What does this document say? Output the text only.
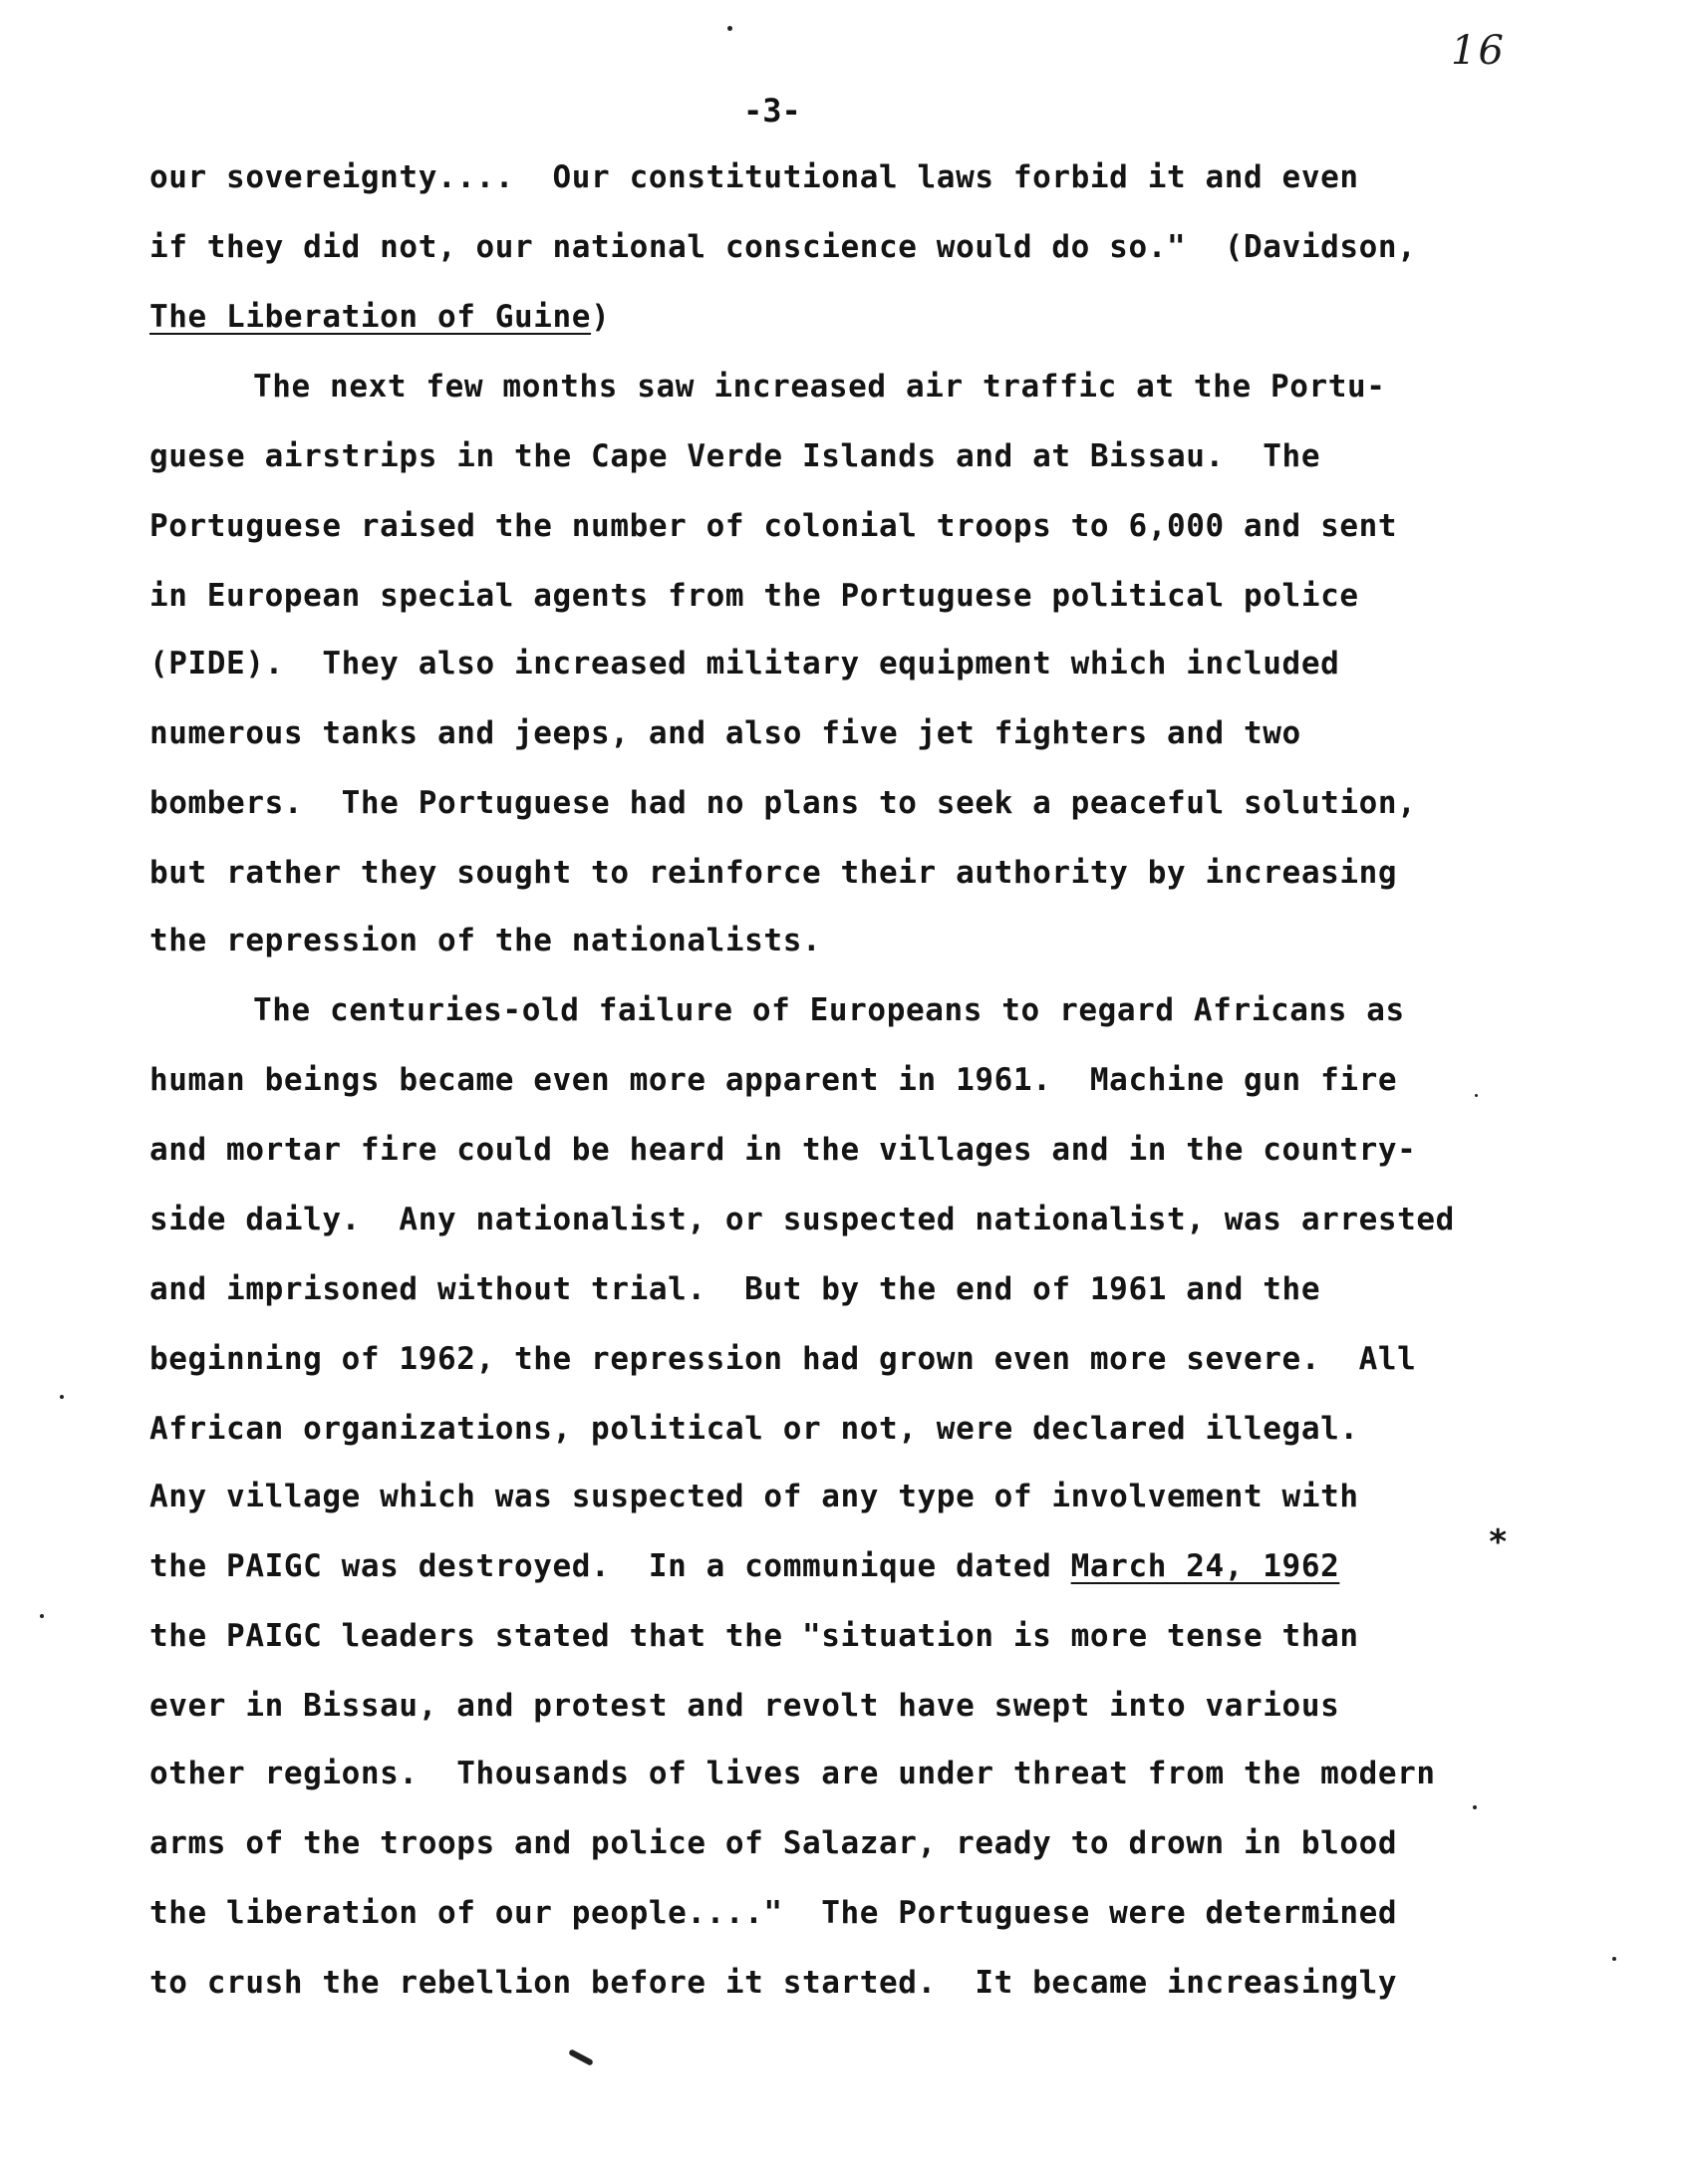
16
-3-
our sovereignty....  Our constitutional laws forbid it and even
if they did not, our national conscience would do so."  (Davidson,
The Liberation of Guine)
The next few months saw increased air traffic at the Portu-
guese airstrips in the Cape Verde Islands and at Bissau.  The
Portuguese raised the number of colonial troops to 6,000 and sent
in European special agents from the Portuguese political police
(PIDE).  They also increased military equipment which included
numerous tanks and jeeps, and also five jet fighters and two
bombers.  The Portuguese had no plans to seek a peaceful solution,
but rather they sought to reinforce their authority by increasing
the repression of the nationalists.
The centuries-old failure of Europeans to regard Africans as
human beings became even more apparent in 1961.  Machine gun fire
and mortar fire could be heard in the villages and in the country-
side daily.  Any nationalist, or suspected nationalist, was arrested
and imprisoned without trial.  But by the end of 1961 and the
beginning of 1962, the repression had grown even more severe.  All
African organizations, political or not, were declared illegal.
Any village which was suspected of any type of involvement with
the PAIGC was destroyed.  In a communique dated March 24, 1962
the PAIGC leaders stated that the "situation is more tense than
ever in Bissau, and protest and revolt have swept into various
other regions.  Thousands of lives are under threat from the modern
arms of the troops and police of Salazar, ready to drown in blood
the liberation of our people...."  The Portuguese were determined
to crush the rebellion before it started.  It became increasingly
*
